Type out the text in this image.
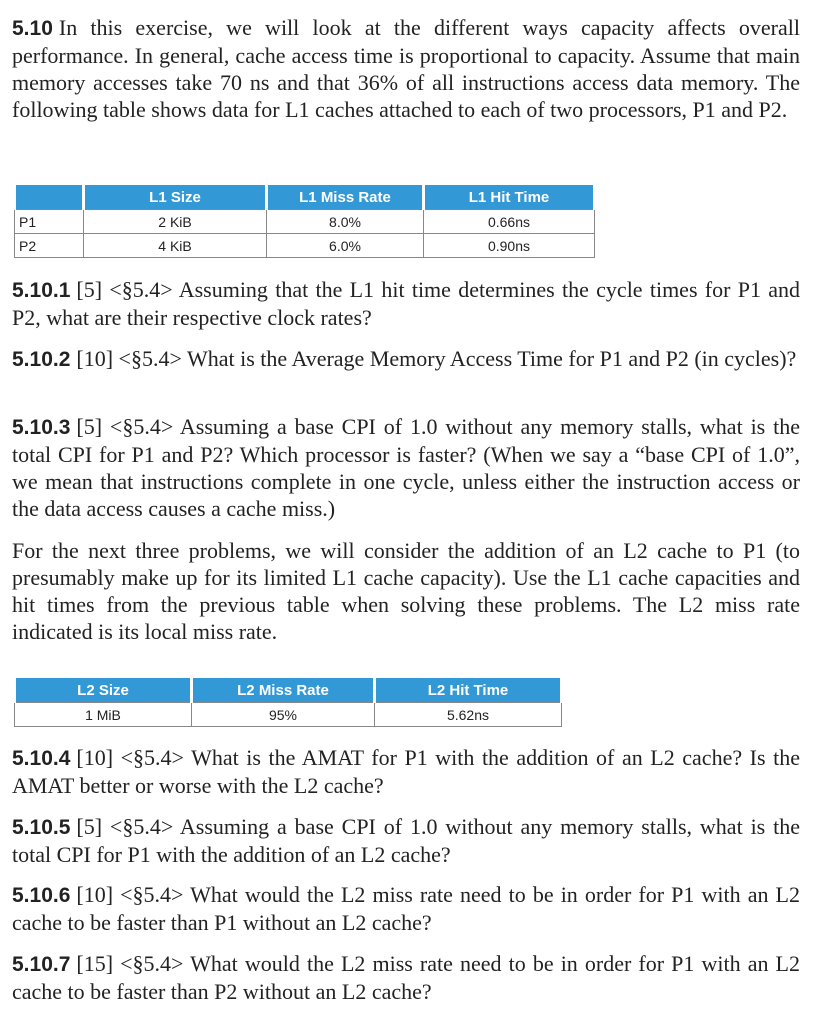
5.10 In this exercise, we will look at the different ways capacity affects overall performance. In general, cache access time is proportional to capacity. Assume that main memory accesses take 70 ns and that 36% of all instructions access data memory. The following table shows data for L1 caches attached to each of two processors, P1 and P2.

	L1 Size	L1 Miss Rate	L1 Hit Time
P1	2 KiB	8.0%	0.66ns
P2	4 KiB	6.0%	0.90ns

5.10.1 [5] <§5.4> Assuming that the L1 hit time determines the cycle times for P1 and P2, what are their respective clock rates?

5.10.2 [10] <§5.4> What is the Average Memory Access Time for P1 and P2 (in cycles)?

5.10.3 [5] <§5.4> Assuming a base CPI of 1.0 without any memory stalls, what is the total CPI for P1 and P2? Which processor is faster? (When we say a “base CPI of 1.0”, we mean that instructions complete in one cycle, unless either the instruction access or the data access causes a cache miss.)

For the next three problems, we will consider the addition of an L2 cache to P1 (to presumably make up for its limited L1 cache capacity). Use the L1 cache capacities and hit times from the previous table when solving these problems. The L2 miss rate indicated is its local miss rate.

L2 Size	L2 Miss Rate	L2 Hit Time
1 MiB	95%	5.62ns

5.10.4 [10] <§5.4> What is the AMAT for P1 with the addition of an L2 cache? Is the AMAT better or worse with the L2 cache?

5.10.5 [5] <§5.4> Assuming a base CPI of 1.0 without any memory stalls, what is the total CPI for P1 with the addition of an L2 cache?

5.10.6 [10] <§5.4> What would the L2 miss rate need to be in order for P1 with an L2 cache to be faster than P1 without an L2 cache?

5.10.7 [15] <§5.4> What would the L2 miss rate need to be in order for P1 with an L2 cache to be faster than P2 without an L2 cache?
